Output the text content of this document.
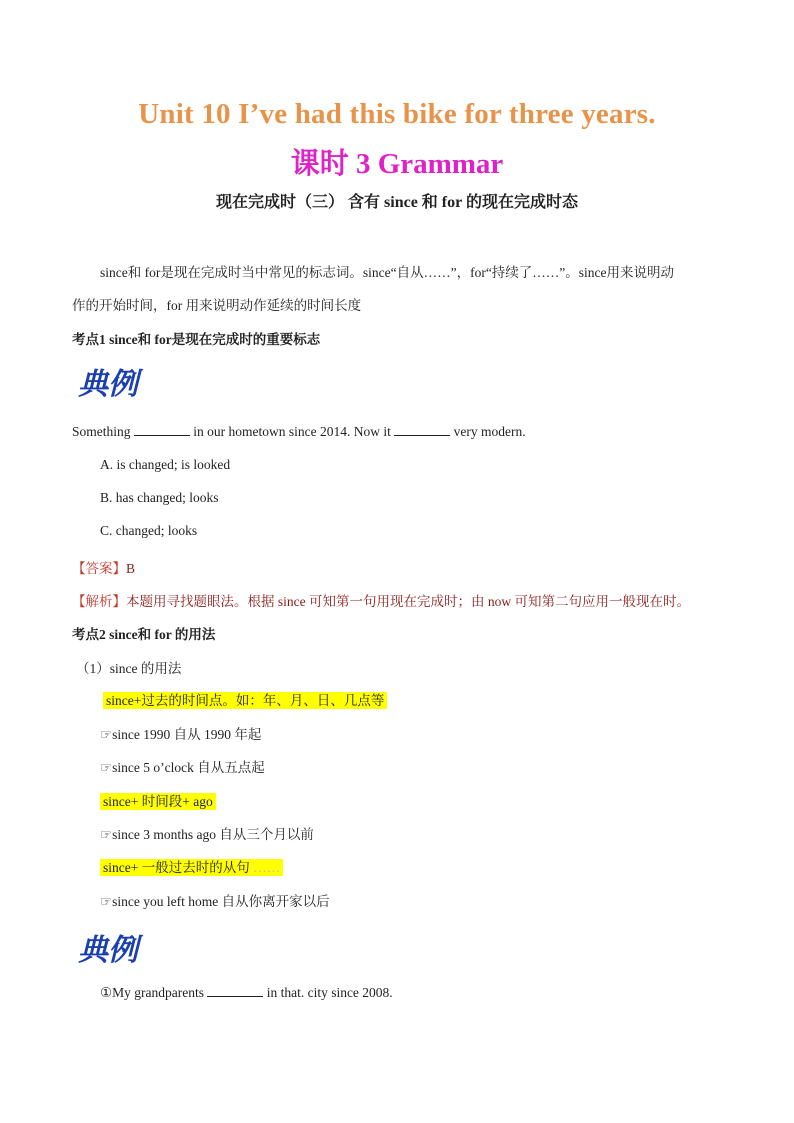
Unit 10 I’ve had this bike for three years.
课时 3 Grammar
现在完成时（三） 含有 since 和 for 的现在完成时态
since和 for是现在完成时当中常见的标志词。since“自从……”，for“持续了……”。since用来说明动
作的开始时间，for 用来说明动作延续的时间长度
考点1 since和 for是现在完成时的重要标志
典例
Something	in our hometown since 2014. Now it	very modern.
A. is changed; is looked
B. has changed; looks
C. changed; looks
【答案】B
【解析】本题用寻找题眼法。根据 since 可知第一句用现在完成时；由 now 可知第二句应用一般现在时。
考点2 since和 for 的用法
（1）since 的用法
since+过去的时间点。如：年、月、日、几点等
☞since 1990 自从 1990 年起
☞since 5 o’clock 自从五点起
since+ 时间段+ ago
☞since 3 months ago 自从三个月以前
since+ 一般过去时的从句 ……
☞since you left home 自从你离开家以后
典例
①My grandparents	in that. city since 2008.
